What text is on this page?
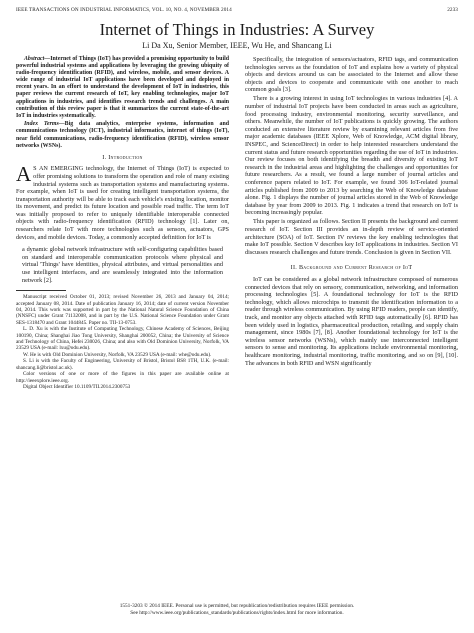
IEEE TRANSACTIONS ON INDUSTRIAL INFORMATICS, VOL. 10, NO. 4, NOVEMBER 2014	2233
Internet of Things in Industries: A Survey
Li Da Xu, Senior Member, IEEE, Wu He, and Shancang Li

Abstract—Internet of Things (IoT) has provided a promising opportunity to build powerful industrial systems and applications by leveraging the growing ubiquity of radio-frequency identification (RFID), and wireless, mobile, and sensor devices. A wide range of industrial IoT applications have been developed and deployed in recent years. In an effort to understand the development of IoT in industries, this paper reviews the current research of IoT, key enabling technologies, major IoT applications in industries, and identifies research trends and challenges. A main contribution of this review paper is that it summarizes the current state-of-the-art IoT in industries systematically.

Index Terms—Big data analytics, enterprise systems, information and communications technology (ICT), industrial informatics, internet of things (IoT), near field communications, radio-frequency identification (RFID), wireless sensor networks (WSNs).

I. Introduction

A S AN EMERGING technology, the Internet of Things (IoT) is expected to offer promising solutions to transform the operation and role of many existing industrial systems such as transportation systems and manufacturing systems. For example, when IoT is used for creating intelligent transportation systems, the transportation authority will be able to track each vehicle's existing location, monitor its movement, and predict its future location and possible road traffic. The term IoT was initially proposed to refer to uniquely identifiable interoperable connected objects with radio-frequency identification (RFID) technology [1]. Later on, researchers relate IoT with more technologies such as sensors, actuators, GPS devices, and mobile devices. Today, a commonly accepted definition for IoT is

a dynamic global network infrastructure with self-configuring capabilities based on standard and interoperable communication protocols where physical and virtual 'Things' have identities, physical attributes, and virtual personalities and use intelligent interfaces, and are seamlessly integrated into the information network [2].

Manuscript received October 01, 2013; revised November 26, 2013 and January 04, 2014; accepted January 08, 2014. Date of publication January 16, 2014; date of current version November 04, 2014. This work was supported in part by the National Natural Science Foundation of China (NNSFC) under Grant 71132008, and in part by the U.S. National Science Foundation under Grant SES-1318470 and Grant 1044845. Paper no. TII-13-0753.

L. D. Xu is with the Institute of Computing Technology, Chinese Academy of Sciences, Beijing 100190, China; Shanghai Jiao Tong University, Shanghai 200052, China; the University of Science and Technology of China, Hefei 230026, China; and also with Old Dominion University, Norfolk, VA 23529 USA (e-mail: lxu@odu.edu).

W. He is with Old Dominion University, Norfolk, VA 23529 USA (e-mail: whe@odu.edu).

S. Li is with the Faculty of Engineering, University of Bristol, Bristol BS8 1TH, U.K. (e-mail: shancang.li@bristol.ac.uk).

Color versions of one or more of the figures in this paper are available online at http://ieeexplore.ieee.org.

Digital Object Identifier 10.1109/TII.2014.2300753

Specifically, the integration of sensors/actuators, RFID tags, and communication technologies serves as the foundation of IoT and explains how a variety of physical objects and devices around us can be associated to the Internet and allow these objects and devices to cooperate and communicate with one another to reach common goals [3].

There is a growing interest in using IoT technologies in various industries [4]. A number of industrial IoT projects have been conducted in areas such as agriculture, food processing industry, environmental monitoring, security surveillance, and others. Meanwhile, the number of IoT publications is quickly growing. The authors conducted an extensive literature review by examining relevant articles from five major academic databases (IEEE Xplore, Web of Knowledge, ACM digital library, INSPEC, and ScienceDirect) in order to help interested researchers understand the current status and future research opportunities regarding the use of IoT in industries. Our review focuses on both identifying the breadth and diversity of existing IoT research in the industrial areas and highlighting the challenges and opportunities for future researchers. As a result, we found a large number of journal articles and conference papers related to IoT. For example, we found 306 IoT-related journal articles published from 2009 to 2013 by searching the Web of Knowledge database alone. Fig. 1 displays the number of journal articles stored in the Web of Knowledge database by year from 2009 to 2013. Fig. 1 indicates a trend that research on IoT is becoming increasingly popular.

This paper is organized as follows. Section II presents the background and current research of IoT. Section III provides an in-depth review of service-oriented architecture (SOA) of IoT. Section IV reviews the key enabling technologies that make IoT possible. Section V describes key IoT applications in industries. Section VI discusses research challenges and future trends. Conclusion is given in Section VII.

II. Background and Current Research of IoT

IoT can be considered as a global network infrastructure composed of numerous connected devices that rely on sensory, communication, networking, and information processing technologies [5]. A foundational technology for IoT is the RFID technology, which allows microchips to transmit the identification information to a reader through wireless communication. By using RFID readers, people can identify, track, and monitor any objects attached with RFID tags automatically [6]. RFID has been widely used in logistics, pharmaceutical production, retailing, and supply chain management, since 1980s [7], [8]. Another foundational technology for IoT is the wireless sensor networks (WSNs), which mainly use interconnected intelligent sensors to sense and monitoring. Its applications include environmental monitoring, healthcare monitoring, industrial monitoring, traffic monitoring, and so on [9], [10]. The advances in both RFID and WSN significantly

1551-3203 © 2014 IEEE. Personal use is permitted, but republication/redistribution requires IEEE permission.
See http://www.ieee.org/publications_standards/publications/rights/index.html for more information.
